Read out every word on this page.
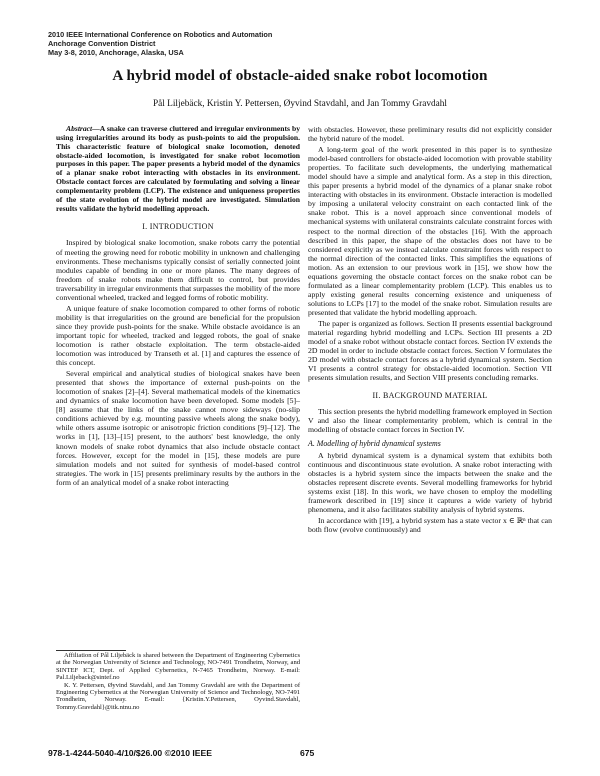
2010 IEEE International Conference on Robotics and Automation
Anchorage Convention District
May 3-8, 2010, Anchorage, Alaska, USA
A hybrid model of obstacle-aided snake robot locomotion
Pål Liljebäck, Kristin Y. Pettersen, Øyvind Stavdahl, and Jan Tommy Gravdahl
Abstract—A snake can traverse cluttered and irregular environments by using irregularities around its body as push-points to aid the propulsion. This characteristic feature of biological snake locomotion, denoted obstacle-aided locomotion, is investigated for snake robot locomotion purposes in this paper. The paper presents a hybrid model of the dynamics of a planar snake robot interacting with obstacles in its environment. Obstacle contact forces are calculated by formulating and solving a linear complementarity problem (LCP). The existence and uniqueness properties of the state evolution of the hybrid model are investigated. Simulation results validate the hybrid modelling approach.
I. INTRODUCTION

Inspired by biological snake locomotion, snake robots carry the potential of meeting the growing need for robotic mobility in unknown and challenging environments. These mechanisms typically consist of serially connected joint modules capable of bending in one or more planes. The many degrees of freedom of snake robots make them difficult to control, but provides traversability in irregular environments that surpasses the mobility of the more conventional wheeled, tracked and legged forms of robotic mobility.

A unique feature of snake locomotion compared to other forms of robotic mobility is that irregularities on the ground are beneficial for the propulsion since they provide push-points for the snake. While obstacle avoidance is an important topic for wheeled, tracked and legged robots, the goal of snake locomotion is rather obstacle exploitation. The term obstacle-aided locomotion was introduced by Transeth et al. [1] and captures the essence of this concept.

Several empirical and analytical studies of biological snakes have been presented that shows the importance of external push-points on the locomotion of snakes [2]–[4]. Several mathematical models of the kinematics and dynamics of snake locomotion have been developed. Some models [5]–[8] assume that the links of the snake cannot move sideways (no-slip conditions achieved by e.g. mounting passive wheels along the snake body), while others assume isotropic or anisotropic friction conditions [9]–[12]. The works in [1], [13]–[15] present, to the authors' best knowledge, the only known models of snake robot dynamics that also include obstacle contact forces. However, except for the model in [15], these models are pure simulation models and not suited for synthesis of model-based control strategies. The work in [15] presents preliminary results by the authors in the form of an analytical model of a snake robot interacting

Affiliation of Pål Liljebäck is shared between the Department of Engineering Cybernetics at the Norwegian University of Science and Technology, NO-7491 Trondheim, Norway, and SINTEF ICT, Dept. of Applied Cybernetics, N-7465 Trondheim, Norway. E-mail: Pal.Liljeback@sintef.no

K. Y. Pettersen, Øyvind Stavdahl, and Jan Tommy Gravdahl are with the Department of Engineering Cybernetics at the Norwegian University of Science and Technology, NO-7491 Trondheim, Norway. E-mail: {Kristin.Y.Pettersen, Oyvind.Stavdahl, Tommy.Gravdahl}@itk.ntnu.no

with obstacles. However, these preliminary results did not explicitly consider the hybrid nature of the model.

A long-term goal of the work presented in this paper is to synthesize model-based controllers for obstacle-aided locomotion with provable stability properties. To facilitate such developments, the underlying mathematical model should have a simple and analytical form. As a step in this direction, this paper presents a hybrid model of the dynamics of a planar snake robot interacting with obstacles in its environment. Obstacle interaction is modelled by imposing a unilateral velocity constraint on each contacted link of the snake robot. This is a novel approach since conventional models of mechanical systems with unilateral constraints calculate constraint forces with respect to the normal direction of the obstacles [16]. With the approach described in this paper, the shape of the obstacles does not have to be considered explicitly as we instead calculate constraint forces with respect to the normal direction of the contacted links. This simplifies the equations of motion. As an extension to our previous work in [15], we show how the equations governing the obstacle contact forces on the snake robot can be formulated as a linear complementarity problem (LCP). This enables us to apply existing general results concerning existence and uniqueness of solutions to LCPs [17] to the model of the snake robot. Simulation results are presented that validate the hybrid modelling approach.

The paper is organized as follows. Section II presents essential background material regarding hybrid modelling and LCPs. Section III presents a 2D model of a snake robot without obstacle contact forces. Section IV extends the 2D model in order to include obstacle contact forces. Section V formulates the 2D model with obstacle contact forces as a hybrid dynamical system. Section VI presents a control strategy for obstacle-aided locomotion. Section VII presents simulation results, and Section VIII presents concluding remarks.

II. BACKGROUND MATERIAL

This section presents the hybrid modelling framework employed in Section V and also the linear complementarity problem, which is central in the modelling of obstacle contact forces in Section IV.

A. Modelling of hybrid dynamical systems

A hybrid dynamical system is a dynamical system that exhibits both continuous and discontinuous state evolution. A snake robot interacting with obstacles is a hybrid system since the impacts between the snake and the obstacles represent discrete events. Several modelling frameworks for hybrid systems exist [18]. In this work, we have chosen to employ the modelling framework described in [19] since it captures a wide variety of hybrid phenomena, and it also facilitates stability analysis of hybrid systems.

In accordance with [19], a hybrid system has a state vector x ∈ ℝⁿ that can both flow (evolve continuously) and

978-1-4244-5040-4/10/$26.00 ©2010 IEEE	675
